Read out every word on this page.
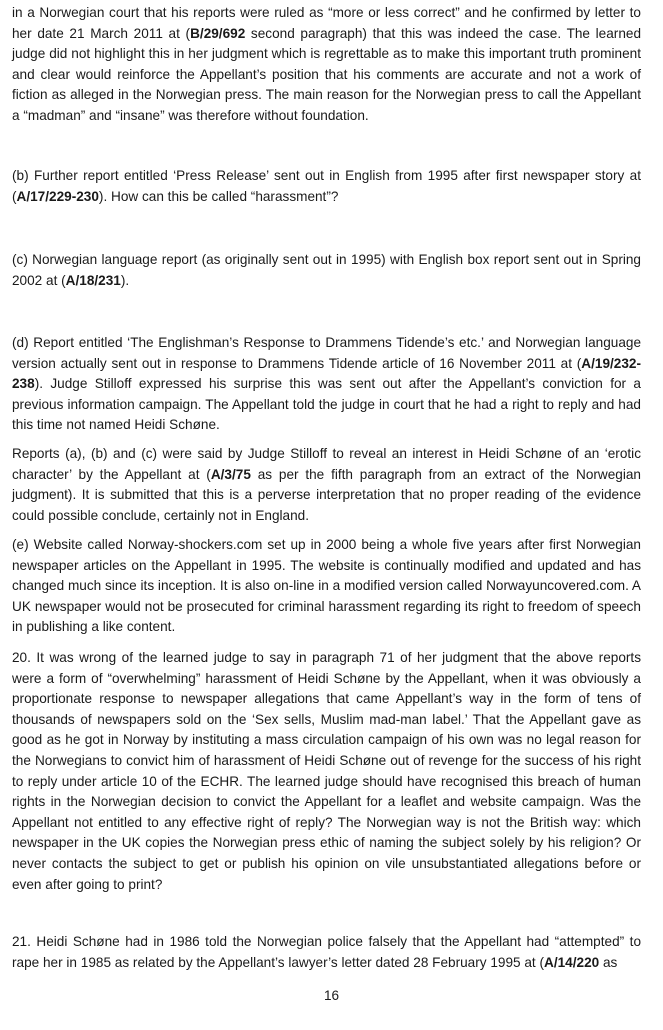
in a Norwegian court that his reports were ruled as “more or less correct” and he confirmed by letter to her date 21 March 2011 at (B/29/692 second paragraph) that this was indeed the case. The learned judge did not highlight this in her judgment which is regrettable as to make this important truth prominent and clear would reinforce the Appellant’s position that his comments are accurate and not a work of fiction as alleged in the Norwegian press. The main reason for the Norwegian press to call the Appellant a “madman” and “insane” was therefore without foundation.

(b) Further report entitled ‘Press Release’ sent out in English from 1995 after first newspaper story at (A/17/229-230). How can this be called “harassment”?

(c) Norwegian language report (as originally sent out in 1995) with English box report sent out in Spring 2002 at (A/18/231).

(d) Report entitled ‘The Englishman’s Response to Drammens Tidende’s etc.’ and Norwegian language version actually sent out in response to Drammens Tidende article of 16 November 2011 at (A/19/232-238). Judge Stilloff expressed his surprise this was sent out after the Appellant’s conviction for a previous information campaign. The Appellant told the judge in court that he had a right to reply and had this time not named Heidi Schøne.

Reports (a), (b) and (c) were said by Judge Stilloff to reveal an interest in Heidi Schøne of an ‘erotic character’ by the Appellant at (A/3/75 as per the fifth paragraph from an extract of the Norwegian judgment). It is submitted that this is a perverse interpretation that no proper reading of the evidence could possible conclude, certainly not in England.

(e) Website called Norway-shockers.com set up in 2000 being a whole five years after first Norwegian newspaper articles on the Appellant in 1995. The website is continually modified and updated and has changed much since its inception. It is also on-line in a modified version called Norwayuncovered.com. A UK newspaper would not be prosecuted for criminal harassment regarding its right to freedom of speech in publishing a like content.

20. It was wrong of the learned judge to say in paragraph 71 of her judgment that the above reports were a form of “overwhelming” harassment of Heidi Schøne by the Appellant, when it was obviously a proportionate response to newspaper allegations that came Appellant’s way in the form of tens of thousands of newspapers sold on the ‘Sex sells, Muslim mad-man label.’ That the Appellant gave as good as he got in Norway by instituting a mass circulation campaign of his own was no legal reason for the Norwegians to convict him of harassment of Heidi Schøne out of revenge for the success of his right to reply under article 10 of the ECHR. The learned judge should have recognised this breach of human rights in the Norwegian decision to convict the Appellant for a leaflet and website campaign. Was the Appellant not entitled to any effective right of reply? The Norwegian way is not the British way: which newspaper in the UK copies the Norwegian press ethic of naming the subject solely by his religion? Or never contacts the subject to get or publish his opinion on vile unsubstantiated allegations before or even after going to print?

21. Heidi Schøne had in 1986 told the Norwegian police falsely that the Appellant had “attempted” to rape her in 1985 as related by the Appellant’s lawyer’s letter dated 28 February 1995 at (A/14/220 as

16
